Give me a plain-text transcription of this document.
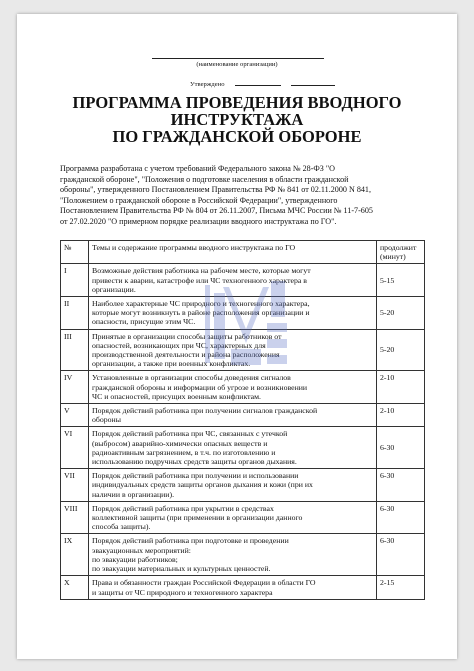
(наименование организации)
Утверждено
ПРОГРАММА ПРОВЕДЕНИЯ ВВОДНОГО
ИНСТРУКТАЖА
ПО ГРАЖДАНСКОЙ ОБОРОНЕ
Программа разработана с учетом требований Федерального закона № 28-ФЗ "О
гражданской обороне", "Положения о подготовке населения в области гражданской
обороны", утвержденного Постановлением Правительства РФ № 841 от 02.11.2000 N 841,
"Положением о гражданской обороне в Российской Федерации", утвержденного
Постановлением Правительства РФ № 804 от 26.11.2007, Письма МЧС России № 11-7-605
от 27.02.2020 "О примерном порядке реализации вводного инструктажа по ГО".
№	Темы и содержание программы вводного инструктажа по ГО	продолжит
(минут)

I	Возможные действия работника на рабочем месте, которые могут
привести к аварии, катастрофе или ЧС техногенного характера в
организации.	5-15
II	Наиболее характерные ЧС природного и техногенного характера,
которые могут возникнуть в районе расположения организации и
опасности, присущие этим ЧС.	5-20
III	Принятые в организации способы защиты работников от
опасностей, возникающих при ЧС, характерных для
производственной деятельности и района расположения
организации, а также при военных конфликтах.	5-20
IV	Установленные в организации способы доведения сигналов
гражданской обороны и информации об угрозе и возникновении
ЧС и опасностей, присущих военным конфликтам.	2-10
V	Порядок действий работника при получении сигналов гражданской
обороны	2-10
VI	Порядок действий работника при ЧС, связанных с утечкой
(выбросом) аварийно-химически опасных веществ и
радиоактивным загрязнением, в т.ч. по изготовлению и
использованию подручных средств защиты органов дыхания.	6-30
VII	Порядок действий работника при получении и использовании
индивидуальных средств защиты органов дыхания и кожи (при их
наличии в организации).	6-30
VIII	Порядок действий работника при укрытии в средствах
коллективной защиты (при применении в организации данного
способа защиты).	6-30
IX	Порядок действий работника при подготовке и проведении
эвакуационных мероприятий:
по эвакуации работников;
по эвакуации материальных и культурных ценностей.	6-30
X	Права и обязанности граждан Российской Федерации в области ГО
и защиты от ЧС природного и техногенного характера	2-15
